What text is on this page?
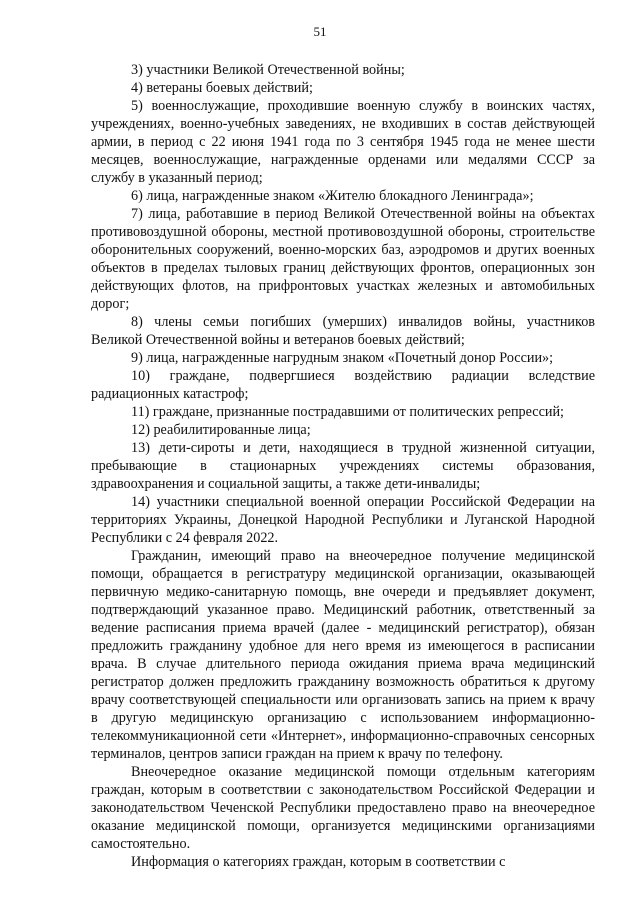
51

3) участники Великой Отечественной войны;

4) ветераны боевых действий;

5) военнослужащие, проходившие военную службу в воинских частях, учреждениях, военно-учебных заведениях, не входивших в состав действующей армии, в период с 22 июня 1941 года по 3 сентября 1945 года не менее шести месяцев, военнослужащие, награжденные орденами или медалями СССР за службу в указанный период;

6) лица, награжденные знаком «Жителю блокадного Ленинграда»;

7) лица, работавшие в период Великой Отечественной войны на объектах противовоздушной обороны, местной противовоздушной обороны, строительстве оборонительных сооружений, военно-морских баз, аэродромов и других военных объектов в пределах тыловых границ действующих фронтов, операционных зон действующих флотов, на прифронтовых участках железных и автомобильных дорог;

8) члены семьи погибших (умерших) инвалидов войны, участников Великой Отечественной войны и ветеранов боевых действий;

9) лица, награжденные нагрудным знаком «Почетный донор России»;

10) граждане, подвергшиеся воздействию радиации вследствие радиационных катастроф;

11) граждане, признанные пострадавшими от политических репрессий;

12) реабилитированные лица;

13) дети-сироты и дети, находящиеся в трудной жизненной ситуации, пребывающие в стационарных учреждениях системы образования, здравоохранения и социальной защиты, а также дети-инвалиды;

14) участники специальной военной операции Российской Федерации на территориях Украины, Донецкой Народной Республики и Луганской Народной Республики с 24 февраля 2022.

Гражданин, имеющий право на внеочередное получение медицинской помощи, обращается в регистратуру медицинской организации, оказывающей первичную медико-санитарную помощь, вне очереди и предъявляет документ, подтверждающий указанное право. Медицинский работник, ответственный за ведение расписания приема врачей (далее - медицинский регистратор), обязан предложить гражданину удобное для него время из имеющегося в расписании врача. В случае длительного периода ожидания приема врача медицинский регистратор должен предложить гражданину возможность обратиться к другому врачу соответствующей специальности или организовать запись на прием к врачу в другую медицинскую организацию с использованием информационно-телекоммуникационной сети «Интернет», информационно-справочных сенсорных терминалов, центров записи граждан на прием к врачу по телефону.

Внеочередное оказание медицинской помощи отдельным категориям граждан, которым в соответствии с законодательством Российской Федерации и законодательством Чеченской Республики предоставлено право на внеочередное оказание медицинской помощи, организуется медицинскими организациями самостоятельно.

Информация о категориях граждан, которым в соответствии с
